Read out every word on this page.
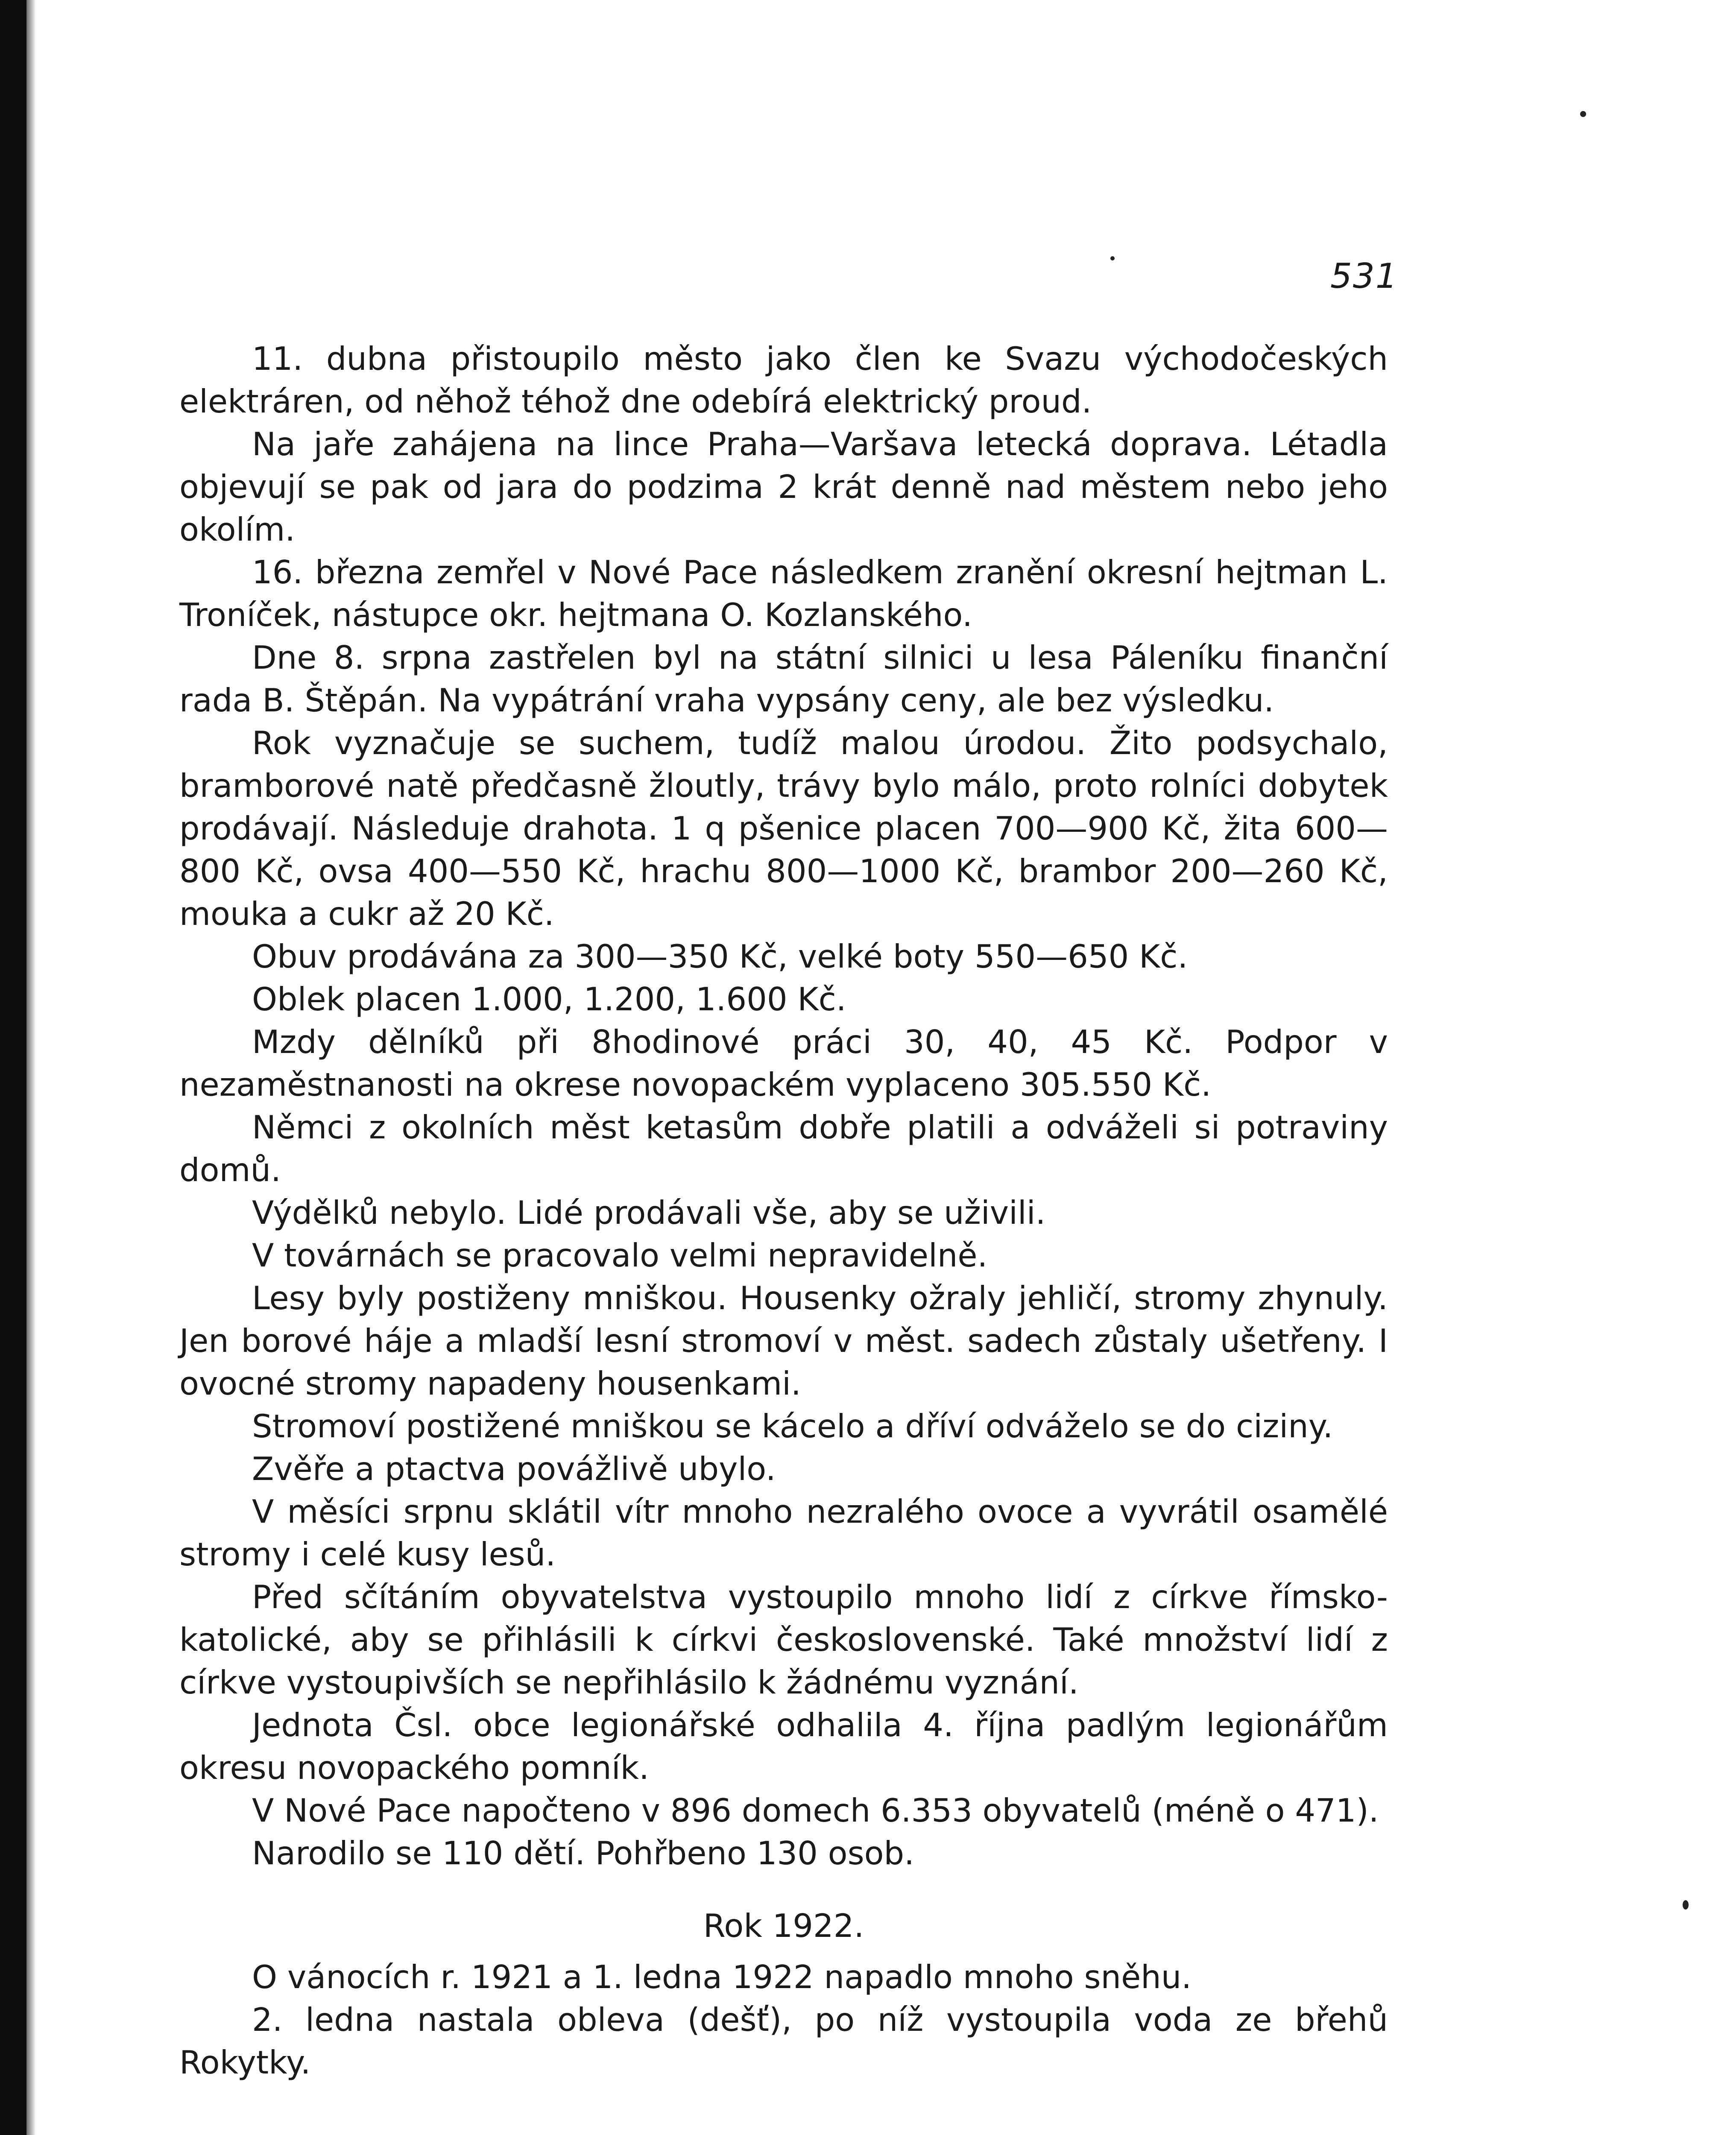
531

11. dubna přistoupilo město jako člen ke Svazu východočeských elektráren, od něhož téhož dne odebírá elektrický proud.

Na jaře zahájena na lince Praha—Varšava letecká doprava. Létadla objevují se pak od jara do podzima 2 krát denně nad městem nebo jeho okolím.

16. března zemřel v Nové Pace následkem zranění okresní hejtman L. Troníček, nástupce okr. hejtmana O. Kozlanského.

Dne 8. srpna zastřelen byl na státní silnici u lesa Páleníku finanční rada B. Štěpán. Na vypátrání vraha vypsány ceny, ale bez výsledku.

Rok vyznačuje se suchem, tudíž malou úrodou. Žito podsychalo, bramborové natě předčasně žloutly, trávy bylo málo, proto rolníci dobytek prodávají. Následuje drahota. 1 q pšenice placen 700—900 Kč, žita 600—800 Kč, ovsa 400—550 Kč, hrachu 800—1000 Kč, brambor 200—260 Kč, mouka a cukr až 20 Kč.

Obuv prodávána za 300—350 Kč, velké boty 550—650 Kč.

Oblek placen 1.000, 1.200, 1.600 Kč.

Mzdy dělníků při 8hodinové práci 30, 40, 45 Kč. Podpor v nezaměstnanosti na okrese novopackém vyplaceno 305.550 Kč.

Němci z okolních měst ketasům dobře platili a odváželi si potraviny domů.

Výdělků nebylo. Lidé prodávali vše, aby se uživili.

V továrnách se pracovalo velmi nepravidelně.

Lesy byly postiženy mniškou. Housenky ožraly jehličí, stromy zhynuly. Jen borové háje a mladší lesní stromoví v měst. sadech zůstaly ušetřeny. I ovocné stromy napadeny housenkami.

Stromoví postižené mniškou se kácelo a dříví odváželo se do ciziny.

Zvěře a ptactva povážlivě ubylo.

V měsíci srpnu sklátil vítr mnoho nezralého ovoce a vyvrátil osamělé stromy i celé kusy lesů.

Před sčítáním obyvatelstva vystoupilo mnoho lidí z církve římsko-katolické, aby se přihlásili k církvi československé. Také množství lidí z církve vystoupivších se nepřihlásilo k žádnému vyznání.

Jednota Čsl. obce legionářské odhalila 4. října padlým legionářům okresu novopackého pomník.

V Nové Pace napočteno v 896 domech 6.353 obyvatelů (méně o 471).

Narodilo se 110 dětí. Pohřbeno 130 osob.

Rok 1922.

O vánocích r. 1921 a 1. ledna 1922 napadlo mnoho sněhu.

2. ledna nastala obleva (dešť), po níž vystoupila voda ze břehů Rokytky.
